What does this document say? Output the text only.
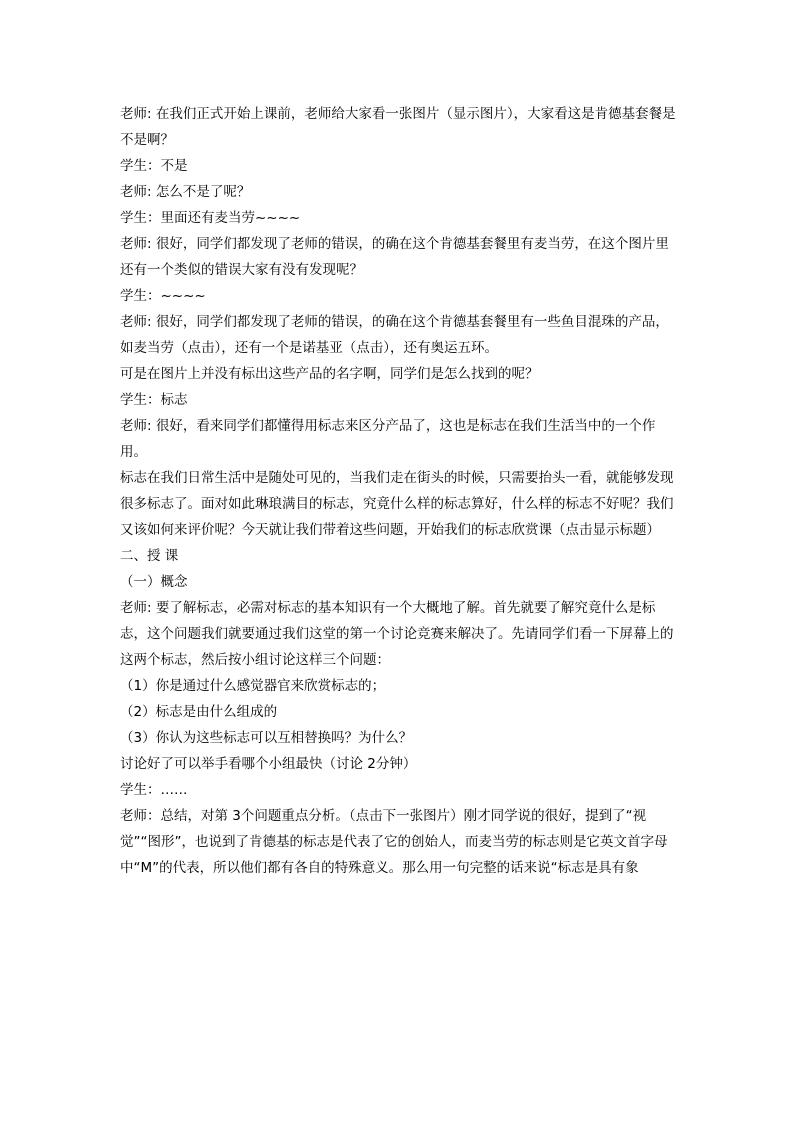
老师: 在我们正式开始上课前，老师给大家看一张图片（显示图片），大家看这是肯德基套餐是不是啊？

学生：不是

老师: 怎么不是了呢？

学生：里面还有麦当劳~~~~

老师: 很好，同学们都发现了老师的错误，的确在这个肯德基套餐里有麦当劳，在这个图片里还有一个类似的错误大家有没有发现呢？

学生：~~~~

老师: 很好，同学们都发现了老师的错误，的确在这个肯德基套餐里有一些鱼目混珠的产品，如麦当劳（点击），还有一个是诺基亚（点击），还有奥运五环。

可是在图片上并没有标出这些产品的名字啊，同学们是怎么找到的呢？

学生：标志

老师: 很好，看来同学们都懂得用标志来区分产品了，这也是标志在我们生活当中的一个作用。

标志在我们日常生活中是随处可见的，当我们走在街头的时候，只需要抬头一看，就能够发现很多标志了。面对如此琳琅满目的标志，究竟什么样的标志算好，什么样的标志不好呢？我们又该如何来评价呢？今天就让我们带着这些问题，开始我们的标志欣赏课（点击显示标题）二、授 课

（一）概念

老师: 要了解标志，必需对标志的基本知识有一个大概地了解。首先就要了解究竟什么是标志，这个问题我们就要通过我们这堂的第一个讨论竞赛来解决了。先请同学们看一下屏幕上的这两个标志，然后按小组讨论这样三个问题：

（1）你是通过什么感觉器官来欣赏标志的；

（2）标志是由什么组成的

（3）你认为这些标志可以互相替换吗？为什么？

讨论好了可以举手看哪个小组最快（讨论 2分钟）

学生：……

老师：总结，对第 3个问题重点分析。（点击下一张图片）刚才同学说的很好，提到了“视觉”“图形”，也说到了肯德基的标志是代表了它的创始人，而麦当劳的标志则是它英文首字母中“M”的代表，所以他们都有各自的特殊意义。那么用一句完整的话来说“标志是具有象
